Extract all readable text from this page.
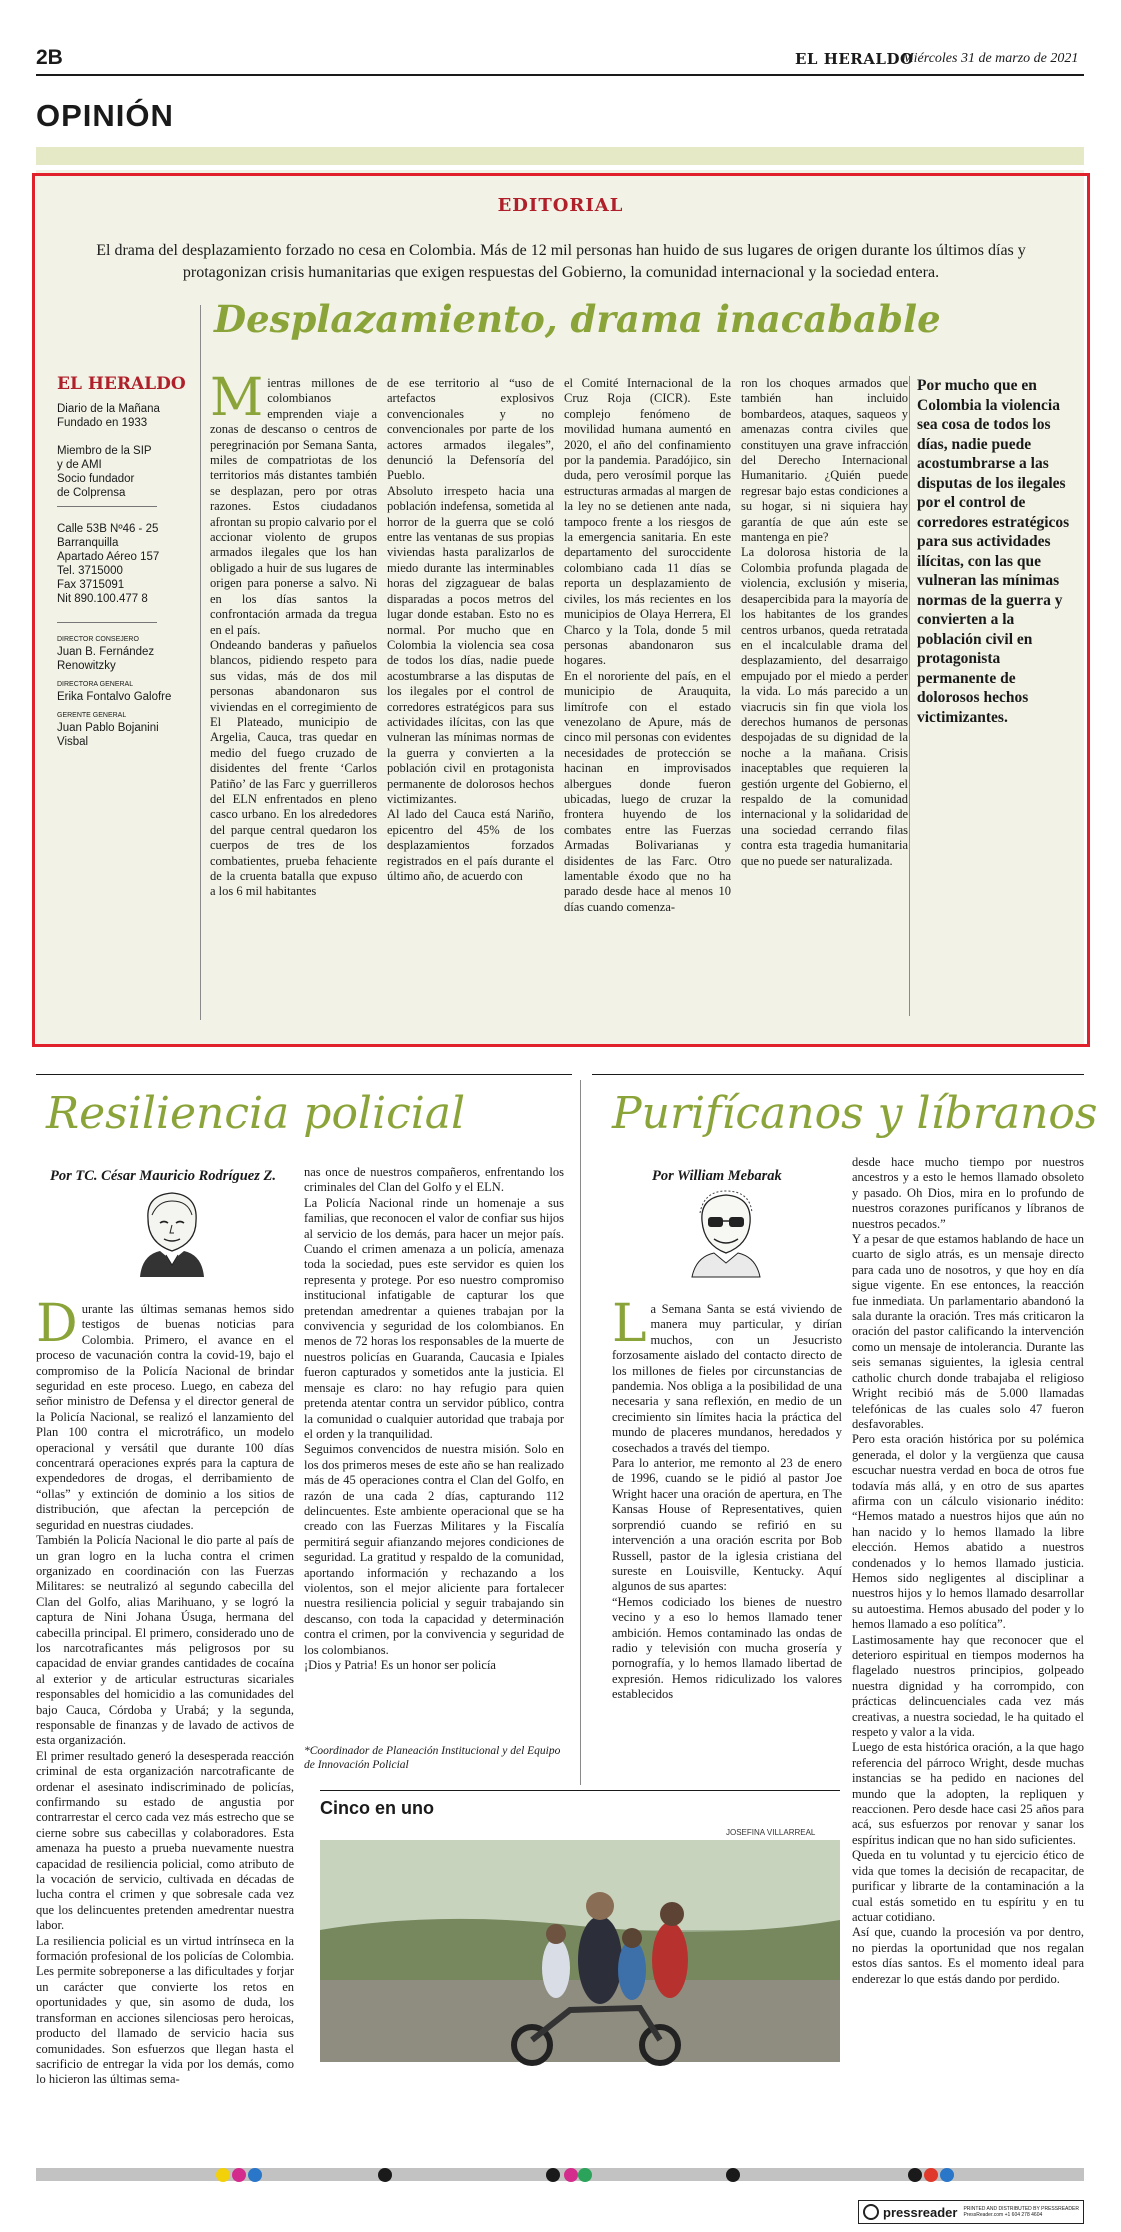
2B	EL HERALDO
Miércoles 31 de marzo de 2021
OPINIÓN
EDITORIAL
El drama del desplazamiento forzado no cesa en Colombia. Más de 12 mil personas han huido de sus lugares de origen durante los últimos días y protagonizan crisis humanitarias que exigen respuestas del Gobierno, la comunidad internacional y la sociedad entera.
Desplazamiento, drama inacabable
EL HERALDO
Diario de la Mañana
Fundado en 1933
Miembro de la SIP
y de AMI
Socio fundador
de Colprensa
Calle 53B Nº46 - 25
Barranquilla
Apartado Aéreo 157
Tel. 3715000
Fax 3715091
Nit 890.100.477 8
DIRECTOR CONSEJERO
Juan B. Fernández
Renowitzky
DIRECTORA GENERAL
Erika Fontalvo Galofre
GERENTE GENERAL
Juan Pablo Bojanini
Visbal
Mientras millones de colombianos emprenden viaje a zonas de descanso o centros de peregrinación por Semana Santa, miles de compatriotas de los territorios más distantes también se desplazan, pero por otras razones. Estos ciudadanos afrontan su propio calvario por el accionar violento de grupos armados ilegales que los han obligado a huir de sus lugares de origen para ponerse a salvo. Ni en los días santos la confrontación armada da tregua en el país.
Ondeando banderas y pañuelos blancos, pidiendo respeto para sus vidas, más de dos mil personas abandonaron sus viviendas en el corregimiento de El Plateado, municipio de Argelia, Cauca, tras quedar en medio del fuego cruzado de disidentes del frente ‘Carlos Patiño’ de las Farc y guerrilleros del ELN enfrentados en pleno casco urbano. En los alrededores del parque central quedaron los cuerpos de tres de los combatientes, prueba fehaciente de la cruenta batalla que expuso a los 6 mil habitantes
de ese territorio al “uso de artefactos explosivos convencionales y no convencionales por parte de los actores armados ilegales”, denunció la Defensoría del Pueblo.
Absoluto irrespeto hacia una población indefensa, sometida al horror de la guerra que se coló entre las ventanas de sus propias viviendas hasta paralizarlos de miedo durante las interminables horas del zigzaguear de balas disparadas a pocos metros del lugar donde estaban. Esto no es normal. Por mucho que en Colombia la violencia sea cosa de todos los días, nadie puede acostumbrarse a las disputas de los ilegales por el control de corredores estratégicos para sus actividades ilícitas, con las que vulneran las mínimas normas de la guerra y convierten a la población civil en protagonista permanente de dolorosos hechos victimizantes.
Al lado del Cauca está Nariño, epicentro del 45% de los desplazamientos forzados registrados en el país durante el último año, de acuerdo con
el Comité Internacional de la Cruz Roja (CICR). Este complejo fenómeno de movilidad humana aumentó en 2020, el año del confinamiento por la pandemia. Paradójico, sin duda, pero verosímil porque las estructuras armadas al margen de la ley no se detienen ante nada, tampoco frente a los riesgos de la emergencia sanitaria. En este departamento del suroccidente colombiano cada 11 días se reporta un desplazamiento de civiles, los más recientes en los municipios de Olaya Herrera, El Charco y la Tola, donde 5 mil personas abandonaron sus hogares.
En el nororiente del país, en el municipio de Arauquita, limítrofe con el estado venezolano de Apure, más de cinco mil personas con evidentes necesidades de protección se hacinan en improvisados albergues donde fueron ubicadas, luego de cruzar la frontera huyendo de los combates entre las Fuerzas Armadas Bolivarianas y disidentes de las Farc. Otro lamentable éxodo que no ha parado desde hace al menos 10 días cuando comenza-
ron los choques armados que también han incluido bombardeos, ataques, saqueos y amenazas contra civiles que constituyen una grave infracción del Derecho Internacional Humanitario. ¿Quién puede regresar bajo estas condiciones a su hogar, si ni siquiera hay garantía de que aún este se mantenga en pie?
La dolorosa historia de la Colombia profunda plagada de violencia, exclusión y miseria, desapercibida para la mayoría de los habitantes de los grandes centros urbanos, queda retratada en el incalculable drama del desplazamiento, del desarraigo empujado por el miedo a perder la vida. Lo más parecido a un viacrucis sin fin que viola los derechos humanos de personas despojadas de su dignidad de la noche a la mañana. Crisis inaceptables que requieren la gestión urgente del Gobierno, el respaldo de la comunidad internacional y la solidaridad de una sociedad cerrando filas contra esta tragedia humanitaria que no puede ser naturalizada.
Por mucho que en Colombia la violencia sea cosa de todos los días, nadie puede acostumbrarse a las disputas de los ilegales por el control de corredores estratégicos para sus actividades ilícitas, con las que vulneran las mínimas normas de la guerra y convierten a la población civil en protagonista permanente de dolorosos hechos victimizantes.
Resiliencia policial
Por TC. César Mauricio Rodríguez Z.
Durante las últimas semanas hemos sido testigos de buenas noticias para Colombia. Primero, el avance en el proceso de vacunación contra la covid-19, bajo el compromiso de la Policía Nacional de brindar seguridad en este proceso. Luego, en cabeza del señor ministro de Defensa y el director general de la Policía Nacional, se realizó el lanzamiento del Plan 100 contra el microtráfico, un modelo operacional y versátil que durante 100 días concentrará operaciones exprés para la captura de expendedores de drogas, el derribamiento de “ollas” y extinción de dominio a los sitios de distribución, que afectan la percepción de seguridad en nuestras ciudades.
También la Policía Nacional le dio parte al país de un gran logro en la lucha contra el crimen organizado en coordinación con las Fuerzas Militares: se neutralizó al segundo cabecilla del Clan del Golfo, alias Marihuano, y se logró la captura de Nini Johana Úsuga, hermana del cabecilla principal. El primero, considerado uno de los narcotraficantes más peligrosos por su capacidad de enviar grandes cantidades de cocaína al exterior y de articular estructuras sicariales responsables del homicidio a las comunidades del bajo Cauca, Córdoba y Urabá; y la segunda, responsable de finanzas y de lavado de activos de esta organización.
El primer resultado generó la desesperada reacción criminal de esta organización narcotraficante de ordenar el asesinato indiscriminado de policías, confirmando su estado de angustia por contrarrestar el cerco cada vez más estrecho que se cierne sobre sus cabecillas y colaboradores. Esta amenaza ha puesto a prueba nuevamente nuestra capacidad de resiliencia policial, como atributo de la vocación de servicio, cultivada en décadas de lucha contra el crimen y que sobresale cada vez que los delincuentes pretenden amedrentar nuestra labor.
La resiliencia policial es un virtud intrínseca en la formación profesional de los policías de Colombia. Les permite sobreponerse a las dificultades y forjar un carácter que convierte los retos en oportunidades y que, sin asomo de duda, los transforman en acciones silenciosas pero heroicas, producto del llamado de servicio hacia sus comunidades. Son esfuerzos que llegan hasta el sacrificio de entregar la vida por los demás, como lo hicieron las últimas sema-
nas once de nuestros compañeros, enfrentando los criminales del Clan del Golfo y el ELN.
La Policía Nacional rinde un homenaje a sus familias, que reconocen el valor de confiar sus hijos al servicio de los demás, para hacer un mejor país. Cuando el crimen amenaza a un policía, amenaza toda la sociedad, pues este servidor es quien los representa y protege. Por eso nuestro compromiso institucional infatigable de capturar los que pretendan amedrentar a quienes trabajan por la convivencia y seguridad de los colombianos. En menos de 72 horas los responsables de la muerte de nuestros policías en Guaranda, Caucasia e Ipiales fueron capturados y sometidos ante la justicia. El mensaje es claro: no hay refugio para quien pretenda atentar contra un servidor público, contra la comunidad o cualquier autoridad que trabaja por el orden y la tranquilidad.
Seguimos convencidos de nuestra misión. Solo en los dos primeros meses de este año se han realizado más de 45 operaciones contra el Clan del Golfo, en razón de una cada 2 días, capturando 112 delincuentes. Este ambiente operacional que se ha creado con las Fuerzas Militares y la Fiscalía permitirá seguir afianzando mejores condiciones de seguridad. La gratitud y respaldo de la comunidad, aportando información y rechazando a los violentos, son el mejor aliciente para fortalecer nuestra resiliencia policial y seguir trabajando sin descanso, con toda la capacidad y determinación contra el crimen, por la convivencia y seguridad de los colombianos.
¡Dios y Patria! Es un honor ser policía
*Coordinador de Planeación Institucional y del Equipo de Innovación Policial
Purifícanos y líbranos
Por William Mebarak
La Semana Santa se está viviendo de manera muy particular, y dirían muchos, con un Jesucristo forzosamente aislado del contacto directo de los millones de fieles por circunstancias de pandemia. Nos obliga a la posibilidad de una necesaria y sana reflexión, en medio de un crecimiento sin límites hacia la práctica del mundo de placeres mundanos, heredados y cosechados a través del tiempo.
Para lo anterior, me remonto al 23 de enero de 1996, cuando se le pidió al pastor Joe Wright hacer una oración de apertura, en The Kansas House of Representatives, quien sorprendió cuando se refirió en su intervención a una oración escrita por Bob Russell, pastor de la iglesia cristiana del sureste en Louisville, Kentucky. Aquí algunos de sus apartes:
“Hemos codiciado los bienes de nuestro vecino y a eso lo hemos llamado tener ambición. Hemos contaminado las ondas de radio y televisión con mucha grosería y pornografía, y lo hemos llamado libertad de expresión. Hemos ridiculizado los valores establecidos
desde hace mucho tiempo por nuestros ancestros y a esto le hemos llamado obsoleto y pasado. Oh Dios, mira en lo profundo de nuestros corazones purifícanos y líbranos de nuestros pecados.”
Y a pesar de que estamos hablando de hace un cuarto de siglo atrás, es un mensaje directo para cada uno de nosotros, y que hoy en día sigue vigente. En ese entonces, la reacción fue inmediata. Un parlamentario abandonó la sala durante la oración. Tres más criticaron la oración del pastor calificando la intervención como un mensaje de intolerancia. Durante las seis semanas siguientes, la iglesia central catholic church donde trabajaba el religioso Wright recibió más de 5.000 llamadas telefónicas de las cuales solo 47 fueron desfavorables.
Pero esta oración histórica por su polémica generada, el dolor y la vergüenza que causa escuchar nuestra verdad en boca de otros fue todavía más allá, y en otro de sus apartes afirma con un cálculo visionario inédito: “Hemos matado a nuestros hijos que aún no han nacido y lo hemos llamado la libre elección. Hemos abatido a nuestros condenados y lo hemos llamado justicia. Hemos sido negligentes al disciplinar a nuestros hijos y lo hemos llamado desarrollar su autoestima. Hemos abusado del poder y lo hemos llamado a eso política”.
Lastimosamente hay que reconocer que el deterioro espiritual en tiempos modernos ha flagelado nuestros principios, golpeado nuestra dignidad y ha corrompido, con prácticas delincuenciales cada vez más creativas, a nuestra sociedad, le ha quitado el respeto y valor a la vida.
Luego de esta histórica oración, a la que hago referencia del párroco Wright, desde muchas instancias se ha pedido en naciones del mundo que la adopten, la repliquen y reaccionen. Pero desde hace casi 25 años para acá, sus esfuerzos por renovar y sanar los espíritus indican que no han sido suficientes.
Queda en tu voluntad y tu ejercicio ético de vida que tomes la decisión de recapacitar, de purificar y librarte de la contaminación a la cual estás sometido en tu espíritu y en tu actuar cotidiano.
Así que, cuando la procesión va por dentro, no pierdas la oportunidad que nos regalan estos días santos. Es el momento ideal para enderezar lo que estás dando por perdido.
Cinco en uno
JOSEFINA VILLARREAL
pressreader PRINTED AND DISTRIBUTED BY PRESSREADER
PressReader.com +1 604 278 4604
